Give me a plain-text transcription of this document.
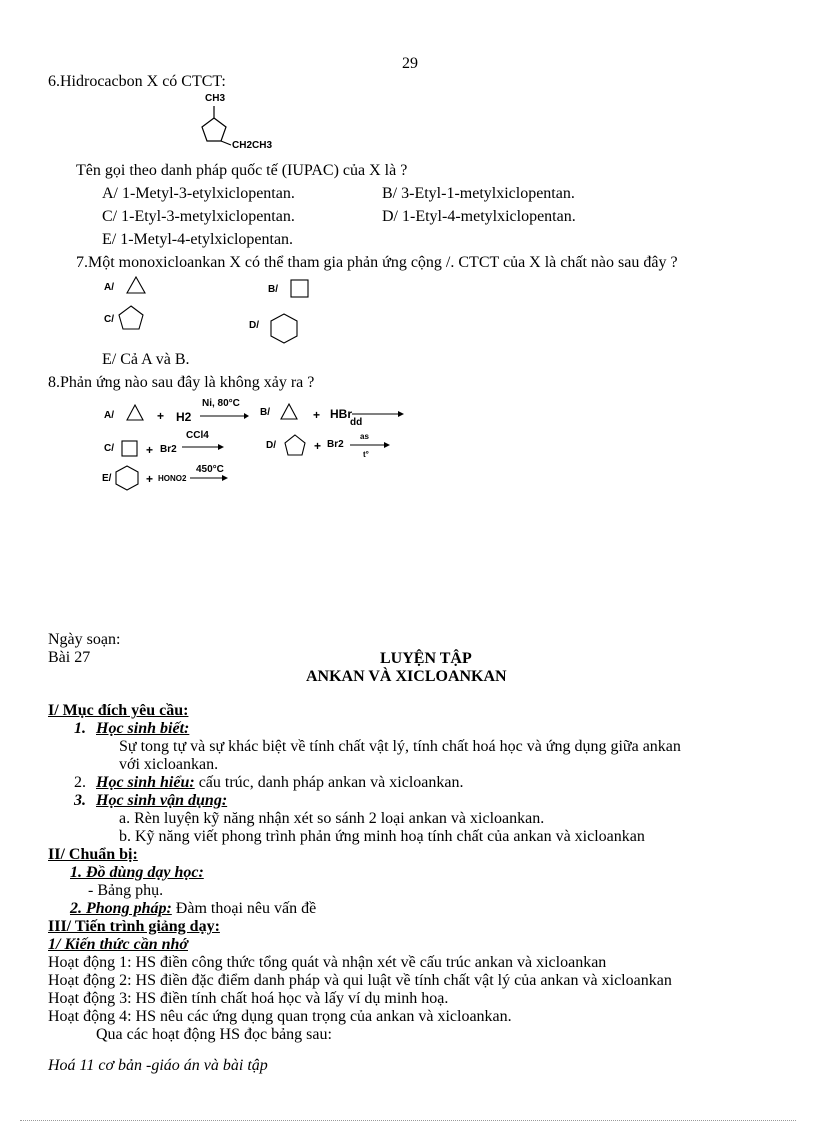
29
6.Hidrocacbon X có CTCT:
CH3
CH2CH3
Tên gọi theo danh pháp quốc tế (IUPAC) của X là ?
A/ 1-Metyl-3-etylxiclopentan.	B/ 3-Etyl-1-metylxiclopentan.
C/ 1-Etyl-3-metylxiclopentan.	D/ 1-Etyl-4-metylxiclopentan.
E/ 1-Metyl-4-etylxiclopentan.
7.Một monoxicloankan X có thể tham gia phản ứng cộng /. CTCT của X là chất nào sau đây ?
A/	B/
C/
D/
E/ Cả A và B.
8.Phản ứng nào sau đây là không xảy ra ?
A/	+ H2
Ni, 80°C
B/	+ HBr
dd
C/	+ Br2
CCl4
D/	+ Br2
as
t°
E/	+ HONO2
450°C
Ngày soạn:
Bài 27	LUYỆN TẬP
ANKAN VÀ XICLOANKAN
I/ Mục đích yêu cầu:
1. Học sinh biết:
Sự tong tự và sự khác biệt về tính chất vật lý, tính chất hoá học và ứng dụng giữa ankan
với xicloankan.
2. Học sinh hiểu: cấu trúc, danh pháp ankan và xicloankan.
3. Học sinh vận dụng:
a. Rèn luyện kỹ năng nhận xét so sánh 2 loại ankan và xicloankan.
b. Kỹ năng viết phong trình phản ứng minh hoạ tính chất của ankan và xicloankan
II/ Chuẩn bị:
1. Đồ dùng dạy học:
- Bảng phụ.
2. Phong pháp: Đàm thoại nêu vấn đề
III/ Tiến trình giảng dạy:
1/ Kiến thức cần nhớ
Hoạt động 1: HS điền công thức tổng quát và nhận xét về cấu trúc ankan và xicloankan
Hoạt động 2: HS điền đặc điểm danh pháp và qui luật về tính chất vật lý của ankan và xicloankan
Hoạt động 3: HS điền tính chất hoá học và lấy ví dụ minh hoạ.
Hoạt động 4: HS nêu các ứng dụng quan trọng của ankan và xicloankan.
Qua các hoạt động HS đọc bảng sau:
Hoá 11 cơ bản -giáo án và bài tập
